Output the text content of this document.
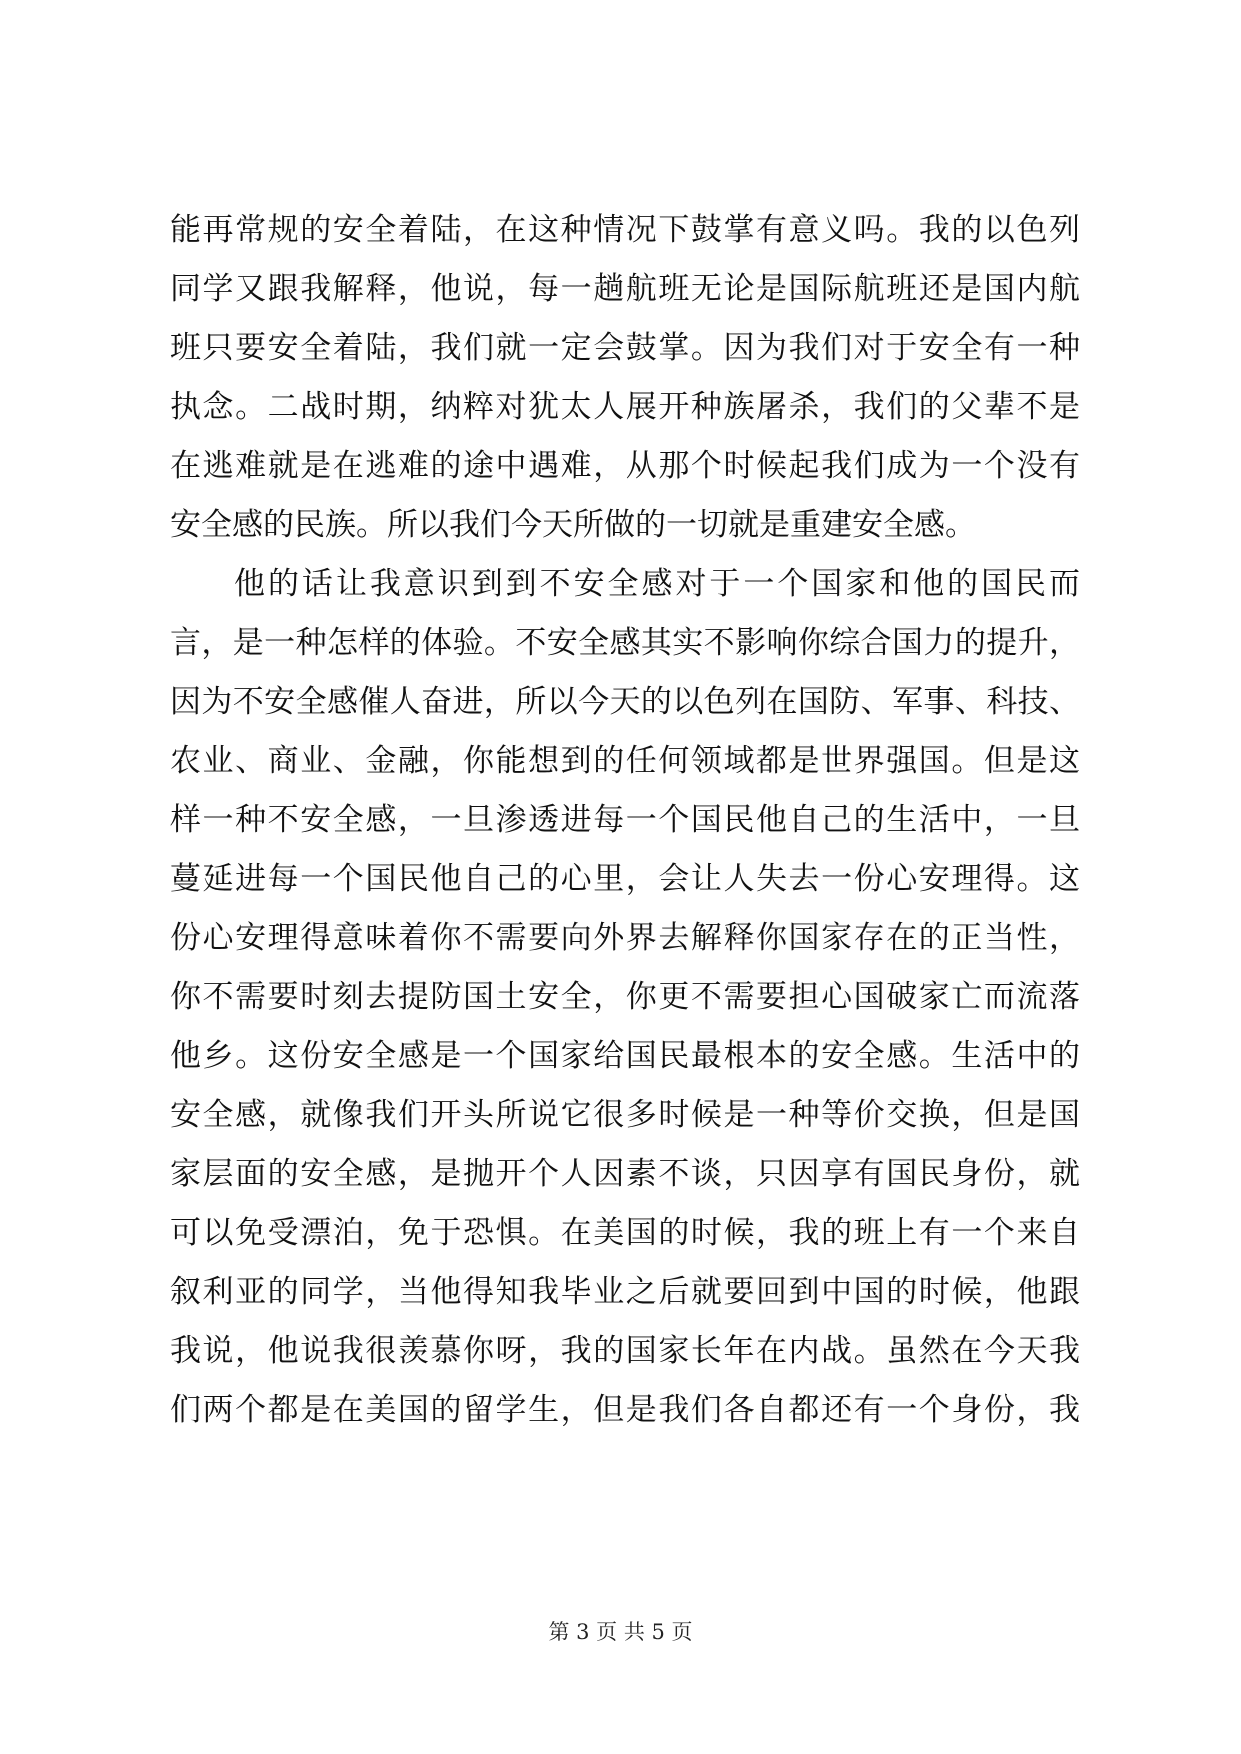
能再常规的安全着陆，在这种情况下鼓掌有意义吗。我的以色列
同学又跟我解释，他说，每一趟航班无论是国际航班还是国内航
班只要安全着陆，我们就一定会鼓掌。因为我们对于安全有一种
执念。二战时期，纳粹对犹太人展开种族屠杀，我们的父辈不是
在逃难就是在逃难的途中遇难，从那个时候起我们成为一个没有
安全感的民族。所以我们今天所做的一切就是重建安全感。
他的话让我意识到到不安全感对于一个国家和他的国民而
言，是一种怎样的体验。不安全感其实不影响你综合国力的提升，
因为不安全感催人奋进，所以今天的以色列在国防、军事、科技、
农业、商业、金融，你能想到的任何领域都是世界强国。但是这
样一种不安全感，一旦渗透进每一个国民他自己的生活中，一旦
蔓延进每一个国民他自己的心里，会让人失去一份心安理得。这
份心安理得意味着你不需要向外界去解释你国家存在的正当性，
你不需要时刻去提防国土安全，你更不需要担心国破家亡而流落
他乡。这份安全感是一个国家给国民最根本的安全感。生活中的
安全感，就像我们开头所说它很多时候是一种等价交换，但是国
家层面的安全感，是抛开个人因素不谈，只因享有国民身份，就
可以免受漂泊，免于恐惧。在美国的时候，我的班上有一个来自
叙利亚的同学，当他得知我毕业之后就要回到中国的时候，他跟
我说，他说我很羡慕你呀，我的国家长年在内战。虽然在今天我
们两个都是在美国的留学生，但是我们各自都还有一个身份，我
第 3 页 共 5 页
